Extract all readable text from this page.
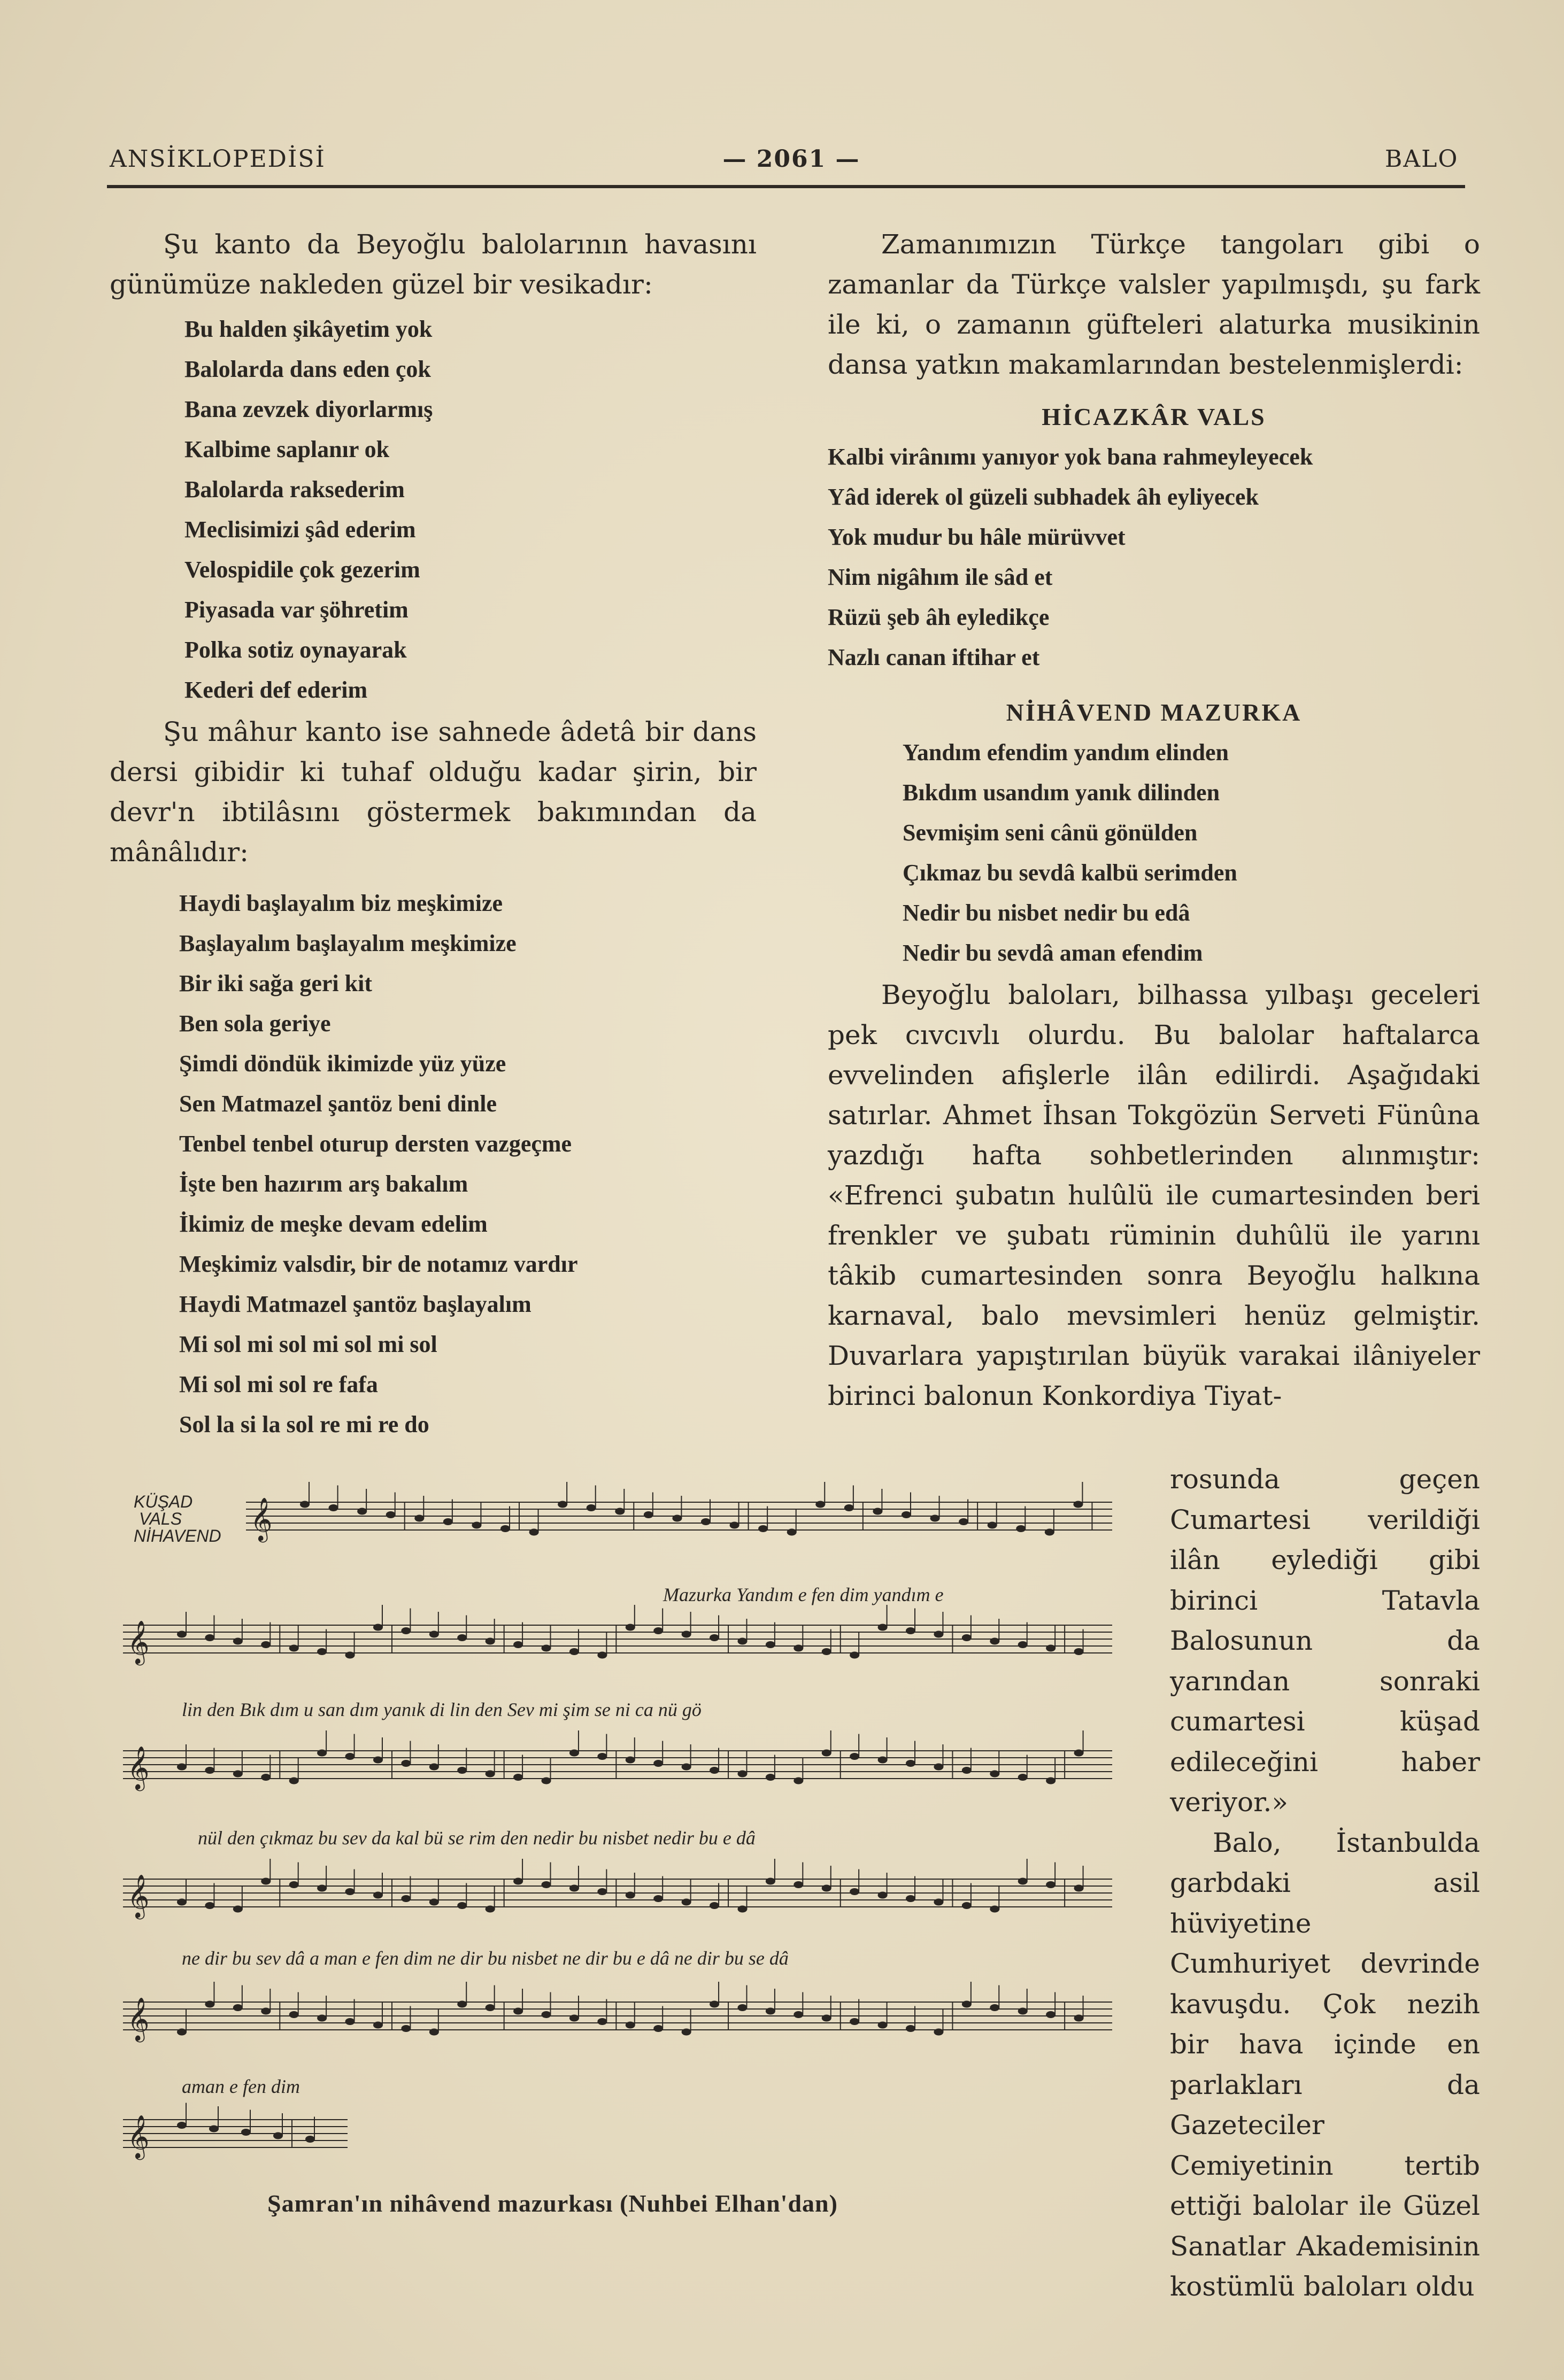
ANSİKLOPEDİSİ	— 2061 —	BALO

Şu kanto da Beyoğlu balolarının havasını günümüze nakleden güzel bir vesikadır:

Bu halden şikâyetim yok
Balolarda dans eden çok
Bana zevzek diyorlarmış
Kalbime saplanır ok
Balolarda raksederim
Meclisimizi şâd ederim
Velospidile çok gezerim
Piyasada var şöhretim
Polka sotiz oynayarak
Kederi def ederim

Şu mâhur kanto ise sahnede âdetâ bir dans dersi gibidir ki tuhaf olduğu kadar şirin, bir devr'n ibtilâsını göstermek bakımından da mânâlıdır:

Haydi başlayalım biz meşkimize
Başlayalım başlayalım meşkimize
Bir iki sağa geri kit
Ben sola geriye
Şimdi döndük ikimizde yüz yüze
Sen Matmazel şantöz beni dinle
Tenbel tenbel oturup dersten vazgeçme
İşte ben hazırım arş bakalım
İkimiz de meşke devam edelim
Meşkimiz valsdir, bir de notamız vardır
Haydi Matmazel şantöz başlayalım
Mi sol mi sol mi sol mi sol
Mi sol mi sol re fafa
Sol la si la sol re mi re do

Zamanımızın Türkçe tangoları gibi o zamanlar da Türkçe valsler yapılmışdı, şu fark ile ki, o zamanın güfteleri alaturka musikinin dansa yatkın makamlarından bestelenmişlerdi:

HİCAZKÂR VALS
Kalbi virânımı yanıyor yok bana rahmeyleyecek
Yâd iderek ol güzeli subhadek âh eyliyecek
Yok mudur bu hâle mürüvvet
Nim nigâhım ile sâd et
Rüzü şeb âh eyledikçe
Nazlı canan iftihar et
NİHÂVEND MAZURKA
Yandım efendim yandım elinden
Bıkdım usandım yanık dilinden
Sevmişim seni cânü gönülden
Çıkmaz bu sevdâ kalbü serimden
Nedir bu nisbet nedir bu edâ
Nedir bu sevdâ aman efendim

Beyoğlu baloları, bilhassa yılbaşı geceleri pek cıvcıvlı olurdu. Bu balolar haftalarca evvelinden afişlerle ilân edilirdi. Aşağıdaki satırlar. Ahmet İhsan Tokgözün Serveti Fünûna yazdığı hafta sohbetlerinden alınmıştır: «Efrenci şubatın hulûlü ile cumartesinden beri frenkler ve şubatı rüminin duhûlü ile yarını tâkib cumartesinden sonra Beyoğlu halkına karnaval, balo mevsimleri henüz gelmiştir. Duvarlara yapıştırılan büyük varakai ilâniyeler birinci balonun Konkordiya Tiyat-

rosunda geçen Cumartesi verildiği ilân eylediği gibi birinci Tatavla Balosunun da yarından sonraki cumartesi küşad edileceğini haber veriyor.»

Balo, İstanbulda garbdaki asil hüviyetine Cumhuriyet devrinde kavuşdu. Çok nezih bir hava içinde en parlakları da Gazeteciler Cemiyetinin tertib ettiği balolar ile Güzel Sanatlar Akademisinin kostümlü baloları oldu

𝄞
𝄞
𝄞
𝄞
𝄞
𝄞
KÜŞAD
VALS
NİHAVEND
Mazurka Yandım e fen dim yandım e
lin den Bık dım u san dım yanık di lin den Sev mi şim se ni ca nü gö
nül den çıkmaz bu sev da kal bü se rim den nedir bu nisbet nedir bu e dâ
ne dir bu sev dâ a man e fen dim ne dir bu nisbet ne dir bu e dâ ne dir bu se dâ
aman e fen dim
Şamran'ın nihâvend mazurkası (Nuhbei Elhan'dan)
